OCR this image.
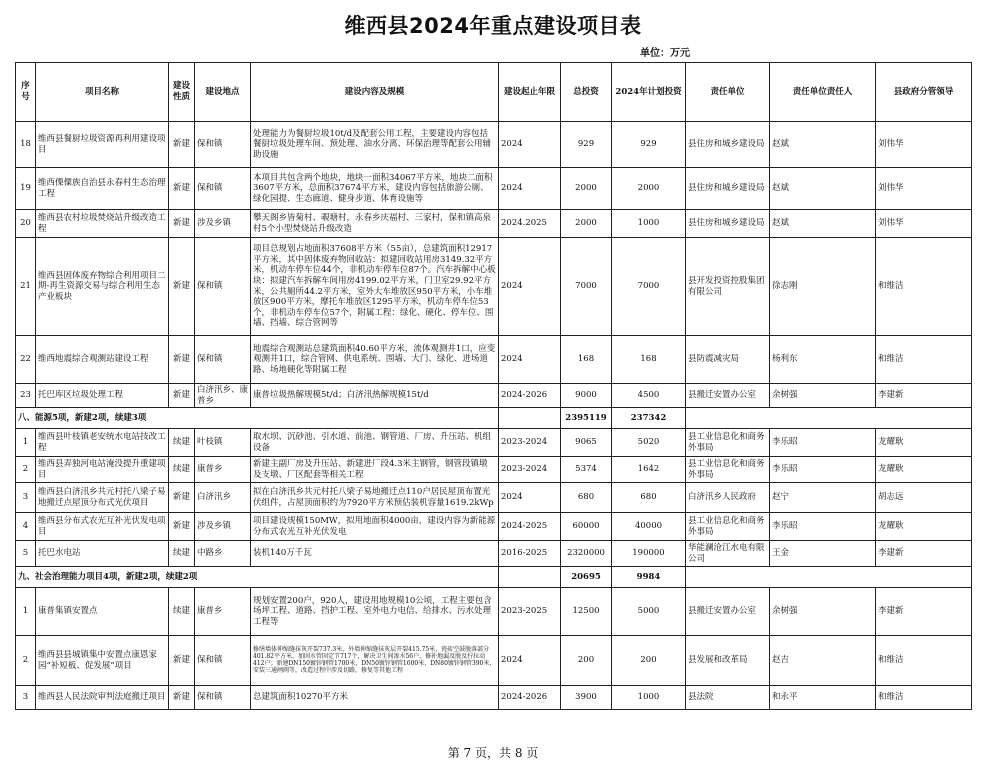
维西县2024年重点建设项目表
单位：万元
序号	项目名称	建设性质	建设地点	建设内容及规模	建设起止年限	总投资	2024年计划投资	责任单位	责任单位责任人	县政府分管领导
18	维西县餐厨垃圾资源再利用建设项目	新建	保和镇	处理能力为餐厨垃圾10t/d及配套公用工程，主要建设内容包括餐厨垃圾处理车间、预处理、油水分离、环保治理等配套公用辅助设施	2024	929	929	县住房和城乡建设局	赵斌	刘伟华
19	维西傈僳族自治县永春村生态治理工程	新建	保和镇	本项目共包含两个地块，地块一面积34067平方米，地块二面积3607平方米，总面积37674平方米，建设内容包括旅游公厕、绿化园提、生态廊道、健身步道、体育设施等	2024	2000	2000	县住房和城乡建设局	赵斌	刘伟华
20	维西县农村垃圾焚烧站升级改造工程	新建	涉及乡镇	攀天阁乡皆菊村、覗塘村，永春乡庆福村、三家村，保和镇高泉村5个小型焚烧站升级改造	2024.2025	2000	1000	县住房和城乡建设局	赵斌	刘伟华
21	维西县固体废弃物综合利用项目二期-再生资源交易与综合利用生态产业板块	新建	保和镇	项目总规划占地面积37608平方米（55亩），总建筑面积12917平方米，其中固体废弃物回收站：拟建回收站用房3149.32平方米，机动车停车位44个，非机动车停车位87个。汽车拆解中心板块：拟建汽车拆解车间用房4199.02平方米，门卫室29.92平方米，公共厕所44.2平方米，室外大车堆放区950平方米，小车堆放区900平方米，摩托车堆放区1295平方米，机动车停车位53个，非机动车停车位57个，附属工程：绿化、硬化、停车位、围墙、挡墙、综合管网等	2024	7000	7000	县开发投资控股集团有限公司	徐志刚	和维洁
22	维西地震综合观测站建设工程	新建	保和镇	地震综合观测站总建筑面积40.60平方米，流体观测井1口，应变观测井1口，综合管网、供电系统、围墙、大门、绿化、进场道路、场地硬化等附属工程	2024	168	168	县防震减灾局	杨利东	和维洁
23	托巴库区垃圾处理工程	新建	白济汛乡、康普乡	康普垃圾热解规模5t/d；白济汛热解规模15t/d	2024-2026	9000	4500	县搬迁安置办公室	余树强	李建新
八、能源5项，新建2项，续建3项						2395119	237342			
1	维西县叶枝镇老安统水电站技改工程	续建	叶枝镇	取水坝、沉砂池、引水道、前池、钢管道、厂房、升压站、机组设备	2023-2024	9065	5020	县工业信息化和商务外事局	李乐昭	龙耀耿
2	维西县弄独河电站淹没提升重建项目	续建	康普乡	新建主副厂房及升压站、新建进厂段4.3米主钢管，钢管段镇墩及支墩、厂区配套等相关工程	2023-2024	5374	1642	县工业信息化和商务外事局	李乐昭	龙耀耿
3	维西县白济汛乡共元村托八梁子易地搬迁点屋顶分布式光伏项目	新建	白济汛乡	拟在白济汛乡共元村托八梁子易地搬迁点110户居民屋顶布置光伏组件，占屋顶面积约为7920平方米预估装机容量1619.2kWp	2024	680	680	白济汛乡人民政府	赵宁	胡志远
4	维西县分布式农光互补光伏发电项目	新建	涉及乡镇	项目建设规模150MW，拟用地面积4000亩，建设内容为新能源分布式农光互补光伏发电	2024-2025	60000	40000	县工业信息化和商务外事局	李乐昭	龙耀耿
5	托巴水电站	续建	中路乡	装机140万千瓦	2016-2025	2320000	190000	华能澜沧江水电有限公司	王金	李建新
九、社会治理能力项目4项，新建2项，续建2项						20695	9984			
1	康普集镇安置点	续建	康普乡	规划安置200户，920人，建设用地规模10公顷，工程主要包含场坪工程、道路、挡护工程、室外电力电信、给排水、污水处理工程等	2023-2025	12500	5000	县搬迁安置办公室	余树强	李建新
2	维西县县城镇集中安置点康恩家园“补短板、促发展”项目	新建	保和镇	修缮墙体伸缩缝抹灰开裂737.3米，外墙伸缩缝抹灰层开裂415.75米，瓷砖空鼓脱落部分401.82平方米，加固水管固定节717个，解决卫生间渗水56户，修补地漏及脱及拧拉动412户；新建DN150镀锌钢管1700米，DN50镀锌钢管1600米，DN80镀锌钢管390米，安装三通闸阀等，改造过程中涉及切路，修复等其他工程	2024	200	200	县发展和改革局	赵吉	和维洁
3	维西县人民法院审判法庭搬迁项目	新建	保和镇	总建筑面积10270平方米	2024-2026	3900	1000	县法院	和永平	和维洁
第 7 页，共 8 页
